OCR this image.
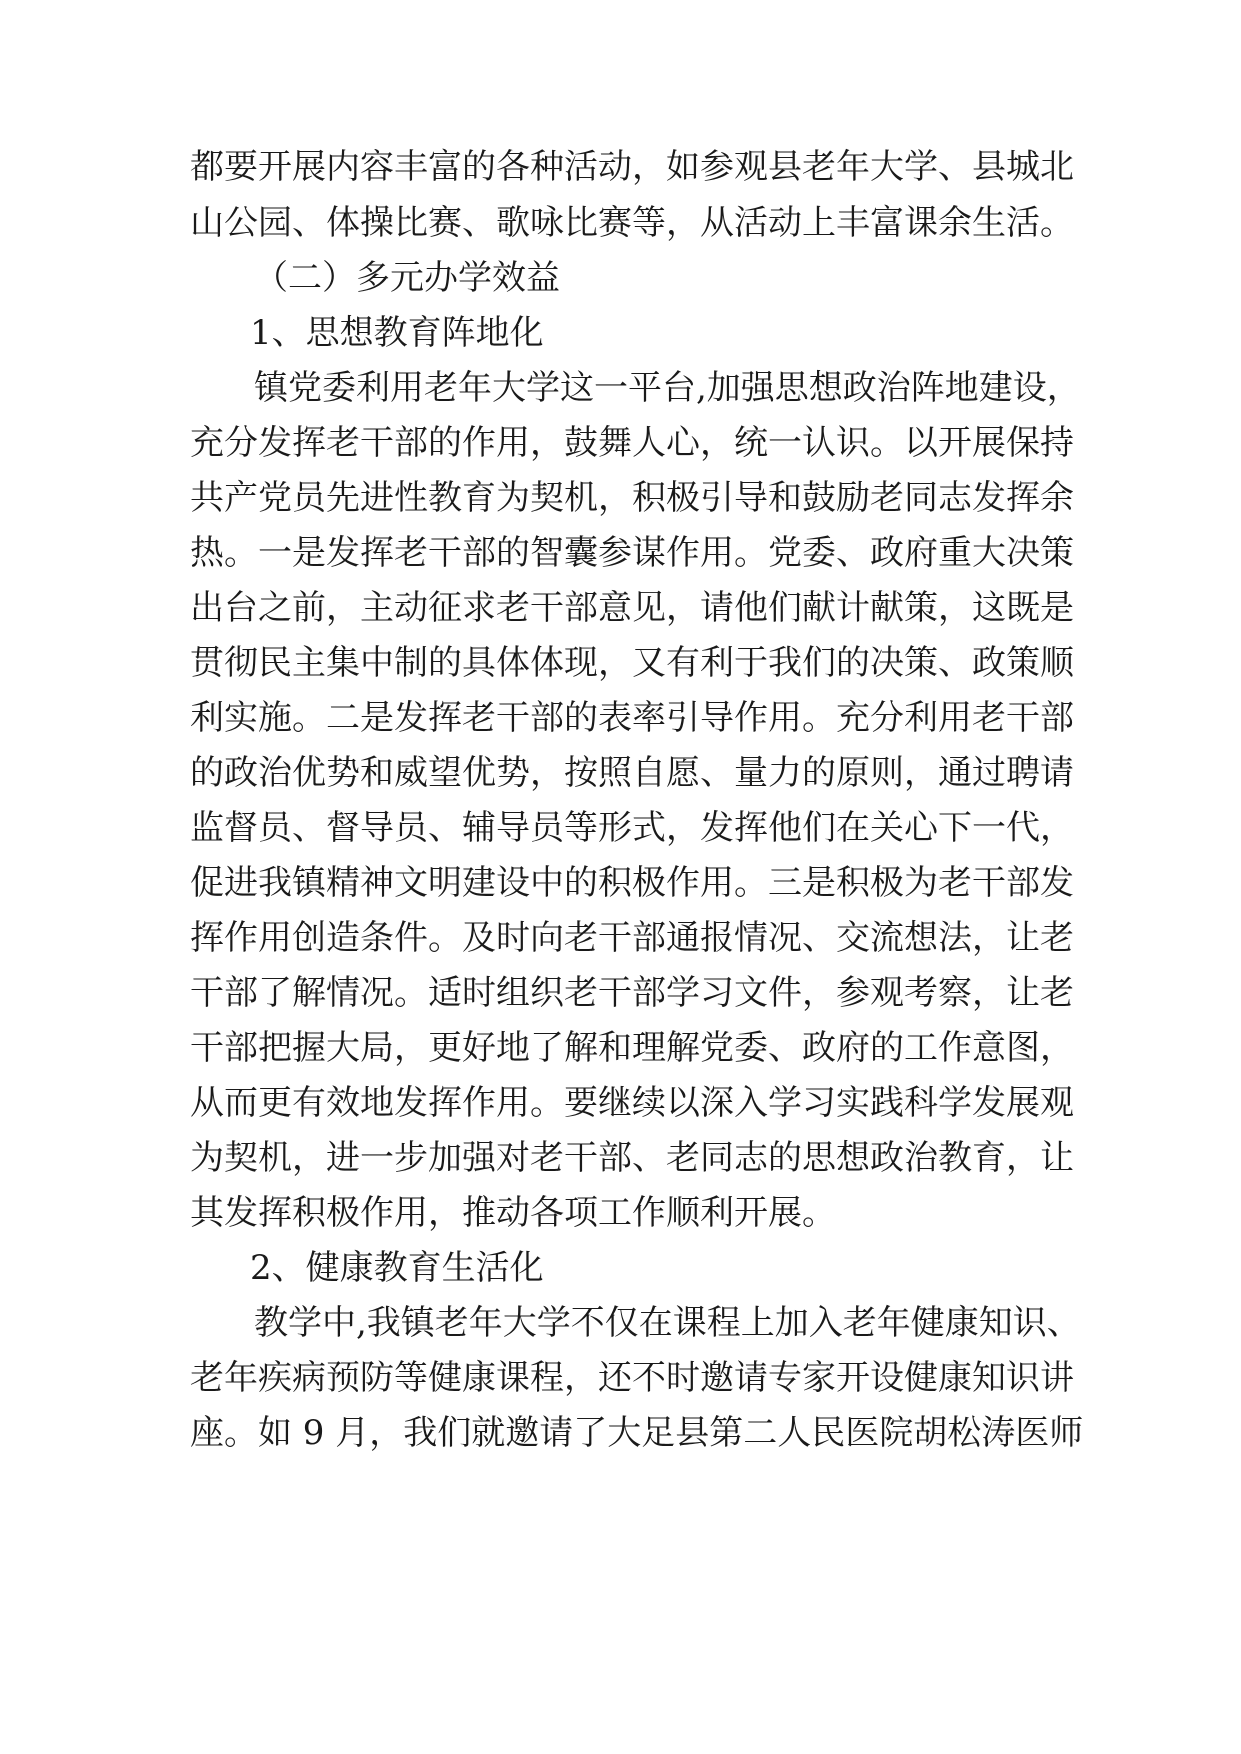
都要开展内容丰富的各种活动，如参观县老年大学、县城北
山公园、体操比赛、歌咏比赛等，从活动上丰富课余生活。
（二）多元办学效益
1、思想教育阵地化
镇党委利用老年大学这一平台,加强思想政治阵地建设，
充分发挥老干部的作用，鼓舞人心，统一认识。以开展保持
共产党员先进性教育为契机，积极引导和鼓励老同志发挥余
热。一是发挥老干部的智囊参谋作用。党委、政府重大决策
出台之前，主动征求老干部意见，请他们献计献策，这既是
贯彻民主集中制的具体体现，又有利于我们的决策、政策顺
利实施。二是发挥老干部的表率引导作用。充分利用老干部
的政治优势和威望优势，按照自愿、量力的原则，通过聘请
监督员、督导员、辅导员等形式，发挥他们在关心下一代，
促进我镇精神文明建设中的积极作用。三是积极为老干部发
挥作用创造条件。及时向老干部通报情况、交流想法，让老
干部了解情况。适时组织老干部学习文件，参观考察，让老
干部把握大局，更好地了解和理解党委、政府的工作意图，
从而更有效地发挥作用。要继续以深入学习实践科学发展观
为契机，进一步加强对老干部、老同志的思想政治教育，让
其发挥积极作用，推动各项工作顺利开展。
2、健康教育生活化
教学中,我镇老年大学不仅在课程上加入老年健康知识、
老年疾病预防等健康课程，还不时邀请专家开设健康知识讲
座。如 9 月，我们就邀请了大足县第二人民医院胡松涛医师
